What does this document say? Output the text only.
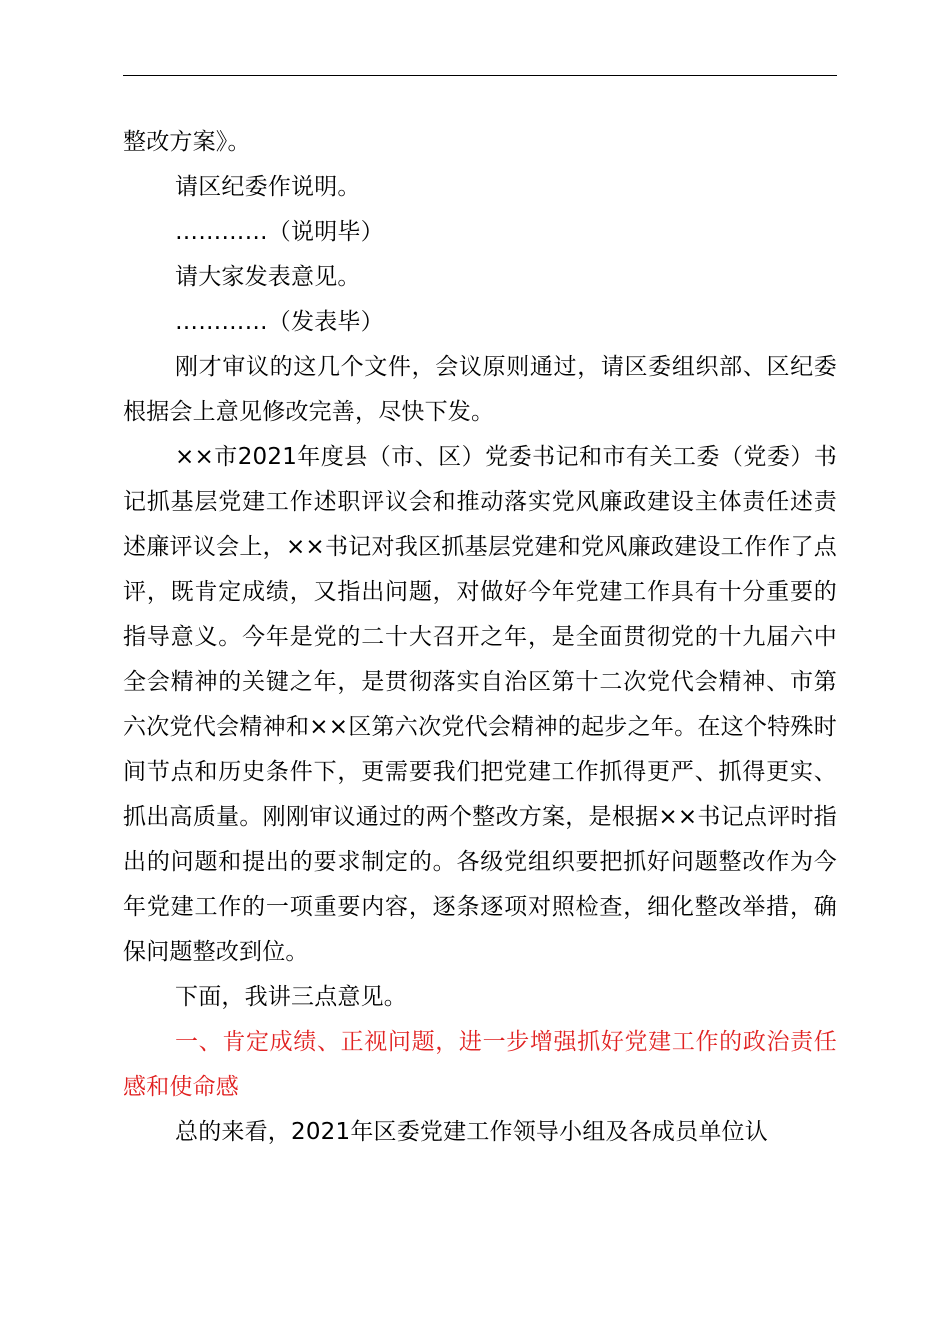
整改方案》。

请区纪委作说明。

…………（说明毕）

请大家发表意见。

…………（发表毕）

刚才审议的这几个文件，会议原则通过，请区委组织部、区纪委根据会上意见修改完善，尽快下发。

××市2021年度县（市、区）党委书记和市有关工委（党委）书记抓基层党建工作述职评议会和推动落实党风廉政建设主体责任述责述廉评议会上，××书记对我区抓基层党建和党风廉政建设工作作了点评，既肯定成绩，又指出问题，对做好今年党建工作具有十分重要的指导意义。今年是党的二十大召开之年，是全面贯彻党的十九届六中全会精神的关键之年，是贯彻落实自治区第十二次党代会精神、市第六次党代会精神和××区第六次党代会精神的起步之年。在这个特殊时间节点和历史条件下，更需要我们把党建工作抓得更严、抓得更实、抓出高质量。刚刚审议通过的两个整改方案，是根据××书记点评时指出的问题和提出的要求制定的。各级党组织要把抓好问题整改作为今年党建工作的一项重要内容，逐条逐项对照检查，细化整改举措，确保问题整改到位。

下面，我讲三点意见。

一、肯定成绩、正视问题，进一步增强抓好党建工作的政治责任感和使命感

总的来看，2021年区委党建工作领导小组及各成员单位认
